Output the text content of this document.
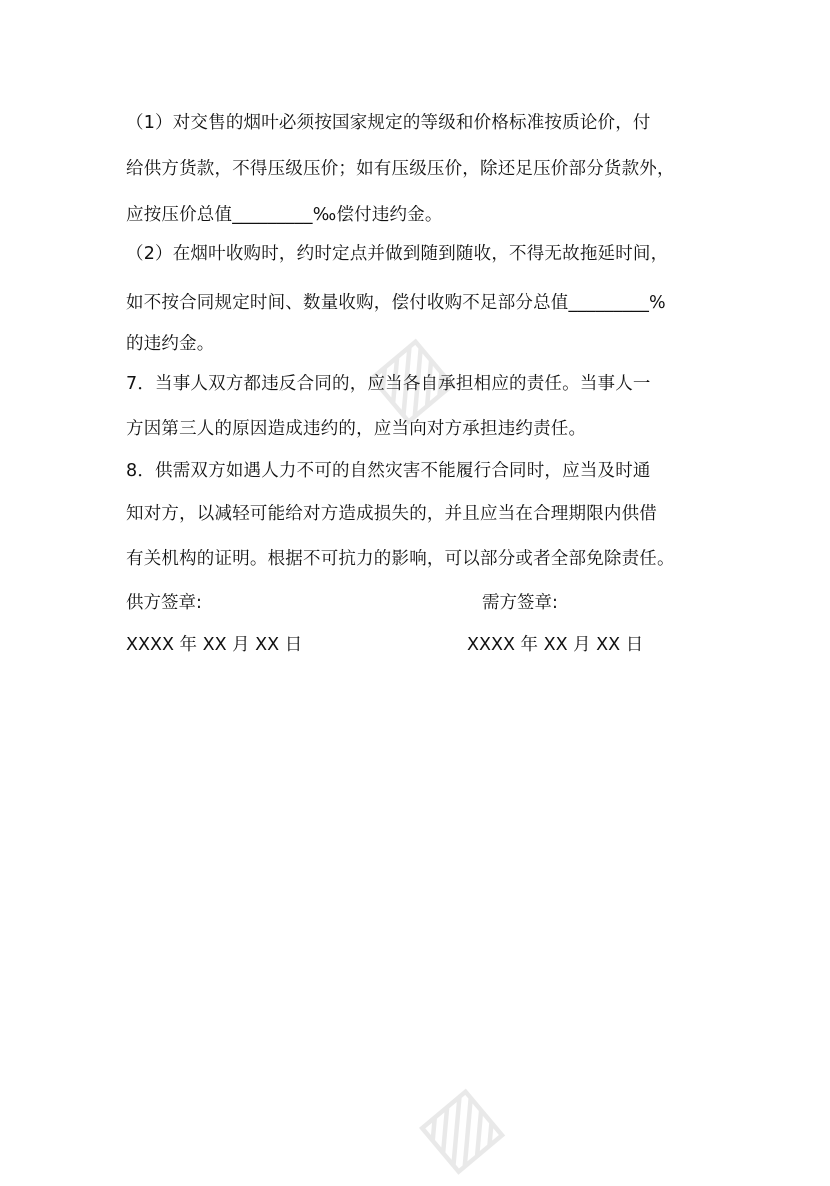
▨
▨
（1）对交售的烟叶必须按国家规定的等级和价格标准按质论价，付
给供方货款，不得压级压价；如有压级压价，除还足压价部分货款外，
应按压价总值_________‰偿付违约金。
（2）在烟叶收购时，约时定点并做到随到随收，不得无故拖延时间，
如不按合同规定时间、数量收购，偿付收购不足部分总值_________%
的违约金。
7．当事人双方都违反合同的，应当各自承担相应的责任。当事人一
方因第三人的原因造成违约的，应当向对方承担违约责任。
8．供需双方如遇人力不可的自然灾害不能履行合同时，应当及时通
知对方，以减轻可能给对方造成损失的，并且应当在合理期限内供借
有关机构的证明。根据不可抗力的影响，可以部分或者全部免除责任。
供方签章:	需方签章:
XXXX 年 XX 月 XX 日	XXXX 年 XX 月 XX 日
